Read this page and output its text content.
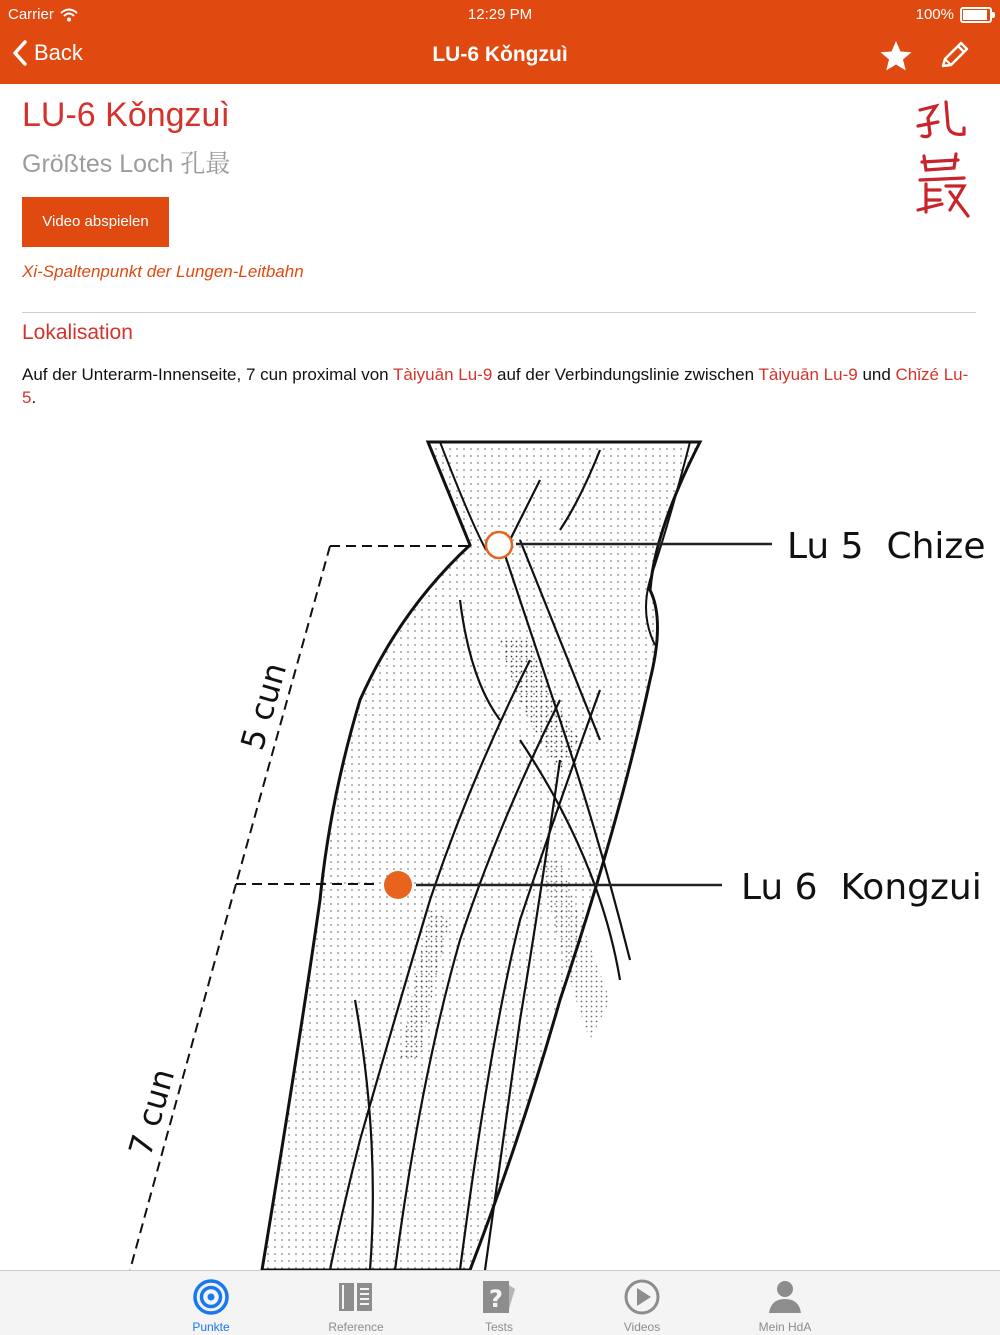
Carrier	12:29 PM	100%
Back	LU-6 Kǒngzuì
LU-6 Kǒngzuì
Größtes Loch 孔最
Video abspielen
Xi-Spaltenpunkt der Lungen-Leitbahn
Lokalisation
Auf der Unterarm-Innenseite, 7 cun proximal von Tàiyuān Lu-9 auf der Verbindungslinie zwischen Tàiyuān Lu-9 und Chǐzé Lu-5.
Lu 5  Chize
Lu 6  Kongzui
5 cun
7 cun
Punkte	Reference
?
Tests	Videos	Mein HdA
